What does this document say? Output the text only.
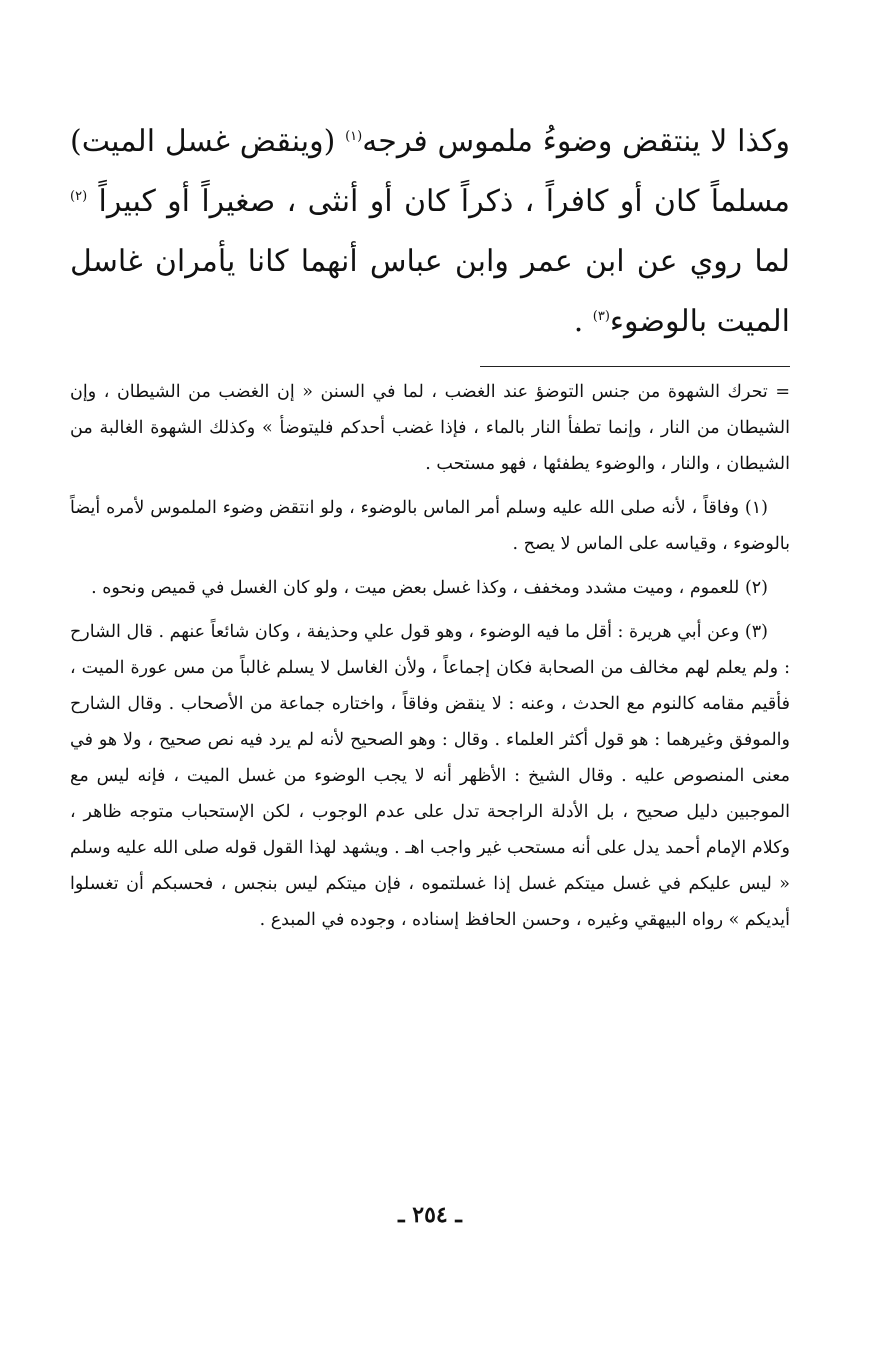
وكذا لا ينتقض وضوءُ ملموس فرجه$^{(١)}$ (وينقض غسل الميت) مسلماً كان أو كافراً ، ذكراً كان أو أنثى ، صغيراً أو كبيراً $^{(٢)}$ لما روي عن ابن عمر وابن عباس أنهما كانا يأمران غاسل الميت بالوضوء$^{(٣)}$ .

= تحرك الشهوة من جنس التوضؤ عند الغضب ، لما في السنن « إن الغضب من الشيطان ، وإن الشيطان من النار ، وإنما تطفأ النار بالماء ، فإذا غضب أحدكم فليتوضأ » وكذلك الشهوة الغالبة من الشيطان ، والنار ، والوضوء يطفئها ، فهو مستحب .

(١) وفاقاً ، لأنه صلى الله عليه وسلم أمر الماس بالوضوء ، ولو انتقض وضوء الملموس لأمره أيضاً بالوضوء ، وقياسه على الماس لا يصح .

(٢) للعموم ، وميت مشدد ومخفف ، وكذا غسل بعض ميت ، ولو كان الغسل في قميص ونحوه .

(٣) وعن أبي هريرة : أقل ما فيه الوضوء ، وهو قول علي وحذيفة ، وكان شائعاً عنهم . قال الشارح : ولم يعلم لهم مخالف من الصحابة فكان إجماعاً ، ولأن الغاسل لا يسلم غالباً من مس عورة الميت ، فأقيم مقامه كالنوم مع الحدث ، وعنه : لا ينقض وفاقاً ، واختاره جماعة من الأصحاب . وقال الشارح والموفق وغيرهما : هو قول أكثر العلماء . وقال : وهو الصحيح لأنه لم يرد فيه نص صحيح ، ولا هو في معنى المنصوص عليه . وقال الشيخ : الأظهر أنه لا يجب الوضوء من غسل الميت ، فإنه ليس مع الموجبين دليل صحيح ، بل الأدلة الراجحة تدل على عدم الوجوب ، لكن الإستحباب متوجه ظاهر ، وكلام الإمام أحمد يدل على أنه مستحب غير واجب اهـ . ويشهد لهذا القول قوله صلى الله عليه وسلم « ليس عليكم في غسل ميتكم غسل إذا غسلتموه ، فإن ميتكم ليس بنجس ، فحسبكم أن تغسلوا أيديكم » رواه البيهقي وغيره ، وحسن الحافظ إسناده ، وجوده في المبدع .

ـ ٢٥٤ ـ
